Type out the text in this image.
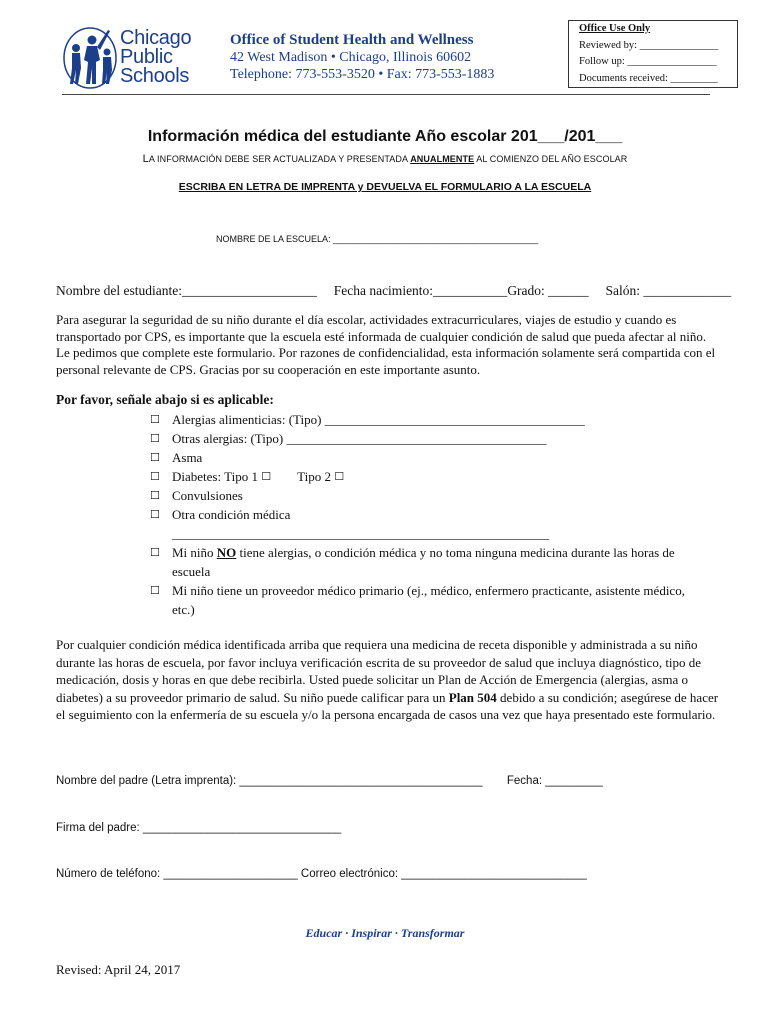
Chicago
Public
Schools
Office of Student Health and Wellness
42 West Madison • Chicago, Illinois 60602
Telephone: 773-553-3520 • Fax: 773-553-1883
Office Use Only
Reviewed by: _______________
Follow up: _________________
Documents received: _________
Información médica del estudiante Año escolar 201___/201___
LA INFORMACIÓN DEBE SER ACTUALIZADA Y PRESENTADA ANUALMENTE AL COMIENZO DEL AÑO ESCOLAR
ESCRIBA EN LETRA DE IMPRENTA y DEVUELVA EL FORMULARIO A LA ESCUELA
NOMBRE DE LA ESCUELA: _________________________________________
Nombre del estudiante:____________________ Fecha nacimiento:___________Grado: ______ Salón: _____________
Para asegurar la seguridad de su niño durante el día escolar, actividades extracurriculares, viajes de estudio y cuando es transportado por CPS, es importante que la escuela esté informada de cualquier condición de salud que pueda afectar al niño. Le pedimos que complete este formulario. Por razones de confidencialidad, esta información solamente será compartida con el personal relevante de CPS. Gracias por su cooperación en este importante asunto.
Por favor, señale abajo si es aplicable:
☐ Alergias alimenticias: (Tipo) ________________________________________
☐ Otras alergias: (Tipo) ________________________________________
☐ Asma
☐ Diabetes: Tipo 1
☐ Tipo 2
☐
☐ Convulsiones
☐ Otra condición médica
__________________________________________________________
☐ Mi niño NO tiene alergias, o condición médica y no toma ninguna medicina durante las horas de escuela
☐ Mi niño tiene un proveedor médico primario (ej., médico, enfermero practicante, asistente médico, etc.)
Por cualquier condición médica identificada arriba que requiera una medicina de receta disponible y administrada a su niño durante las horas de escuela, por favor incluya verificación escrita de su proveedor de salud que incluya diagnóstico, tipo de medicación, dosis y horas en que debe recibirla. Usted puede solicitar un Plan de Acción de Emergencia (alergias, asma o diabetes) a su proveedor primario de salud. Su niño puede calificar para un Plan 504 debido a su condición; asegúrese de hacer el seguimiento con la enfermería de su escuela y/o la persona encargada de casos una vez que haya presentado este formulario.
Nombre del padre (Letra imprenta): ______________________________________ Fecha: _________
Firma del padre: _______________________________
Número de teléfono: _____________________ Correo electrónico: _____________________________
Educar · Inspirar · Transformar
Revised: April 24, 2017
